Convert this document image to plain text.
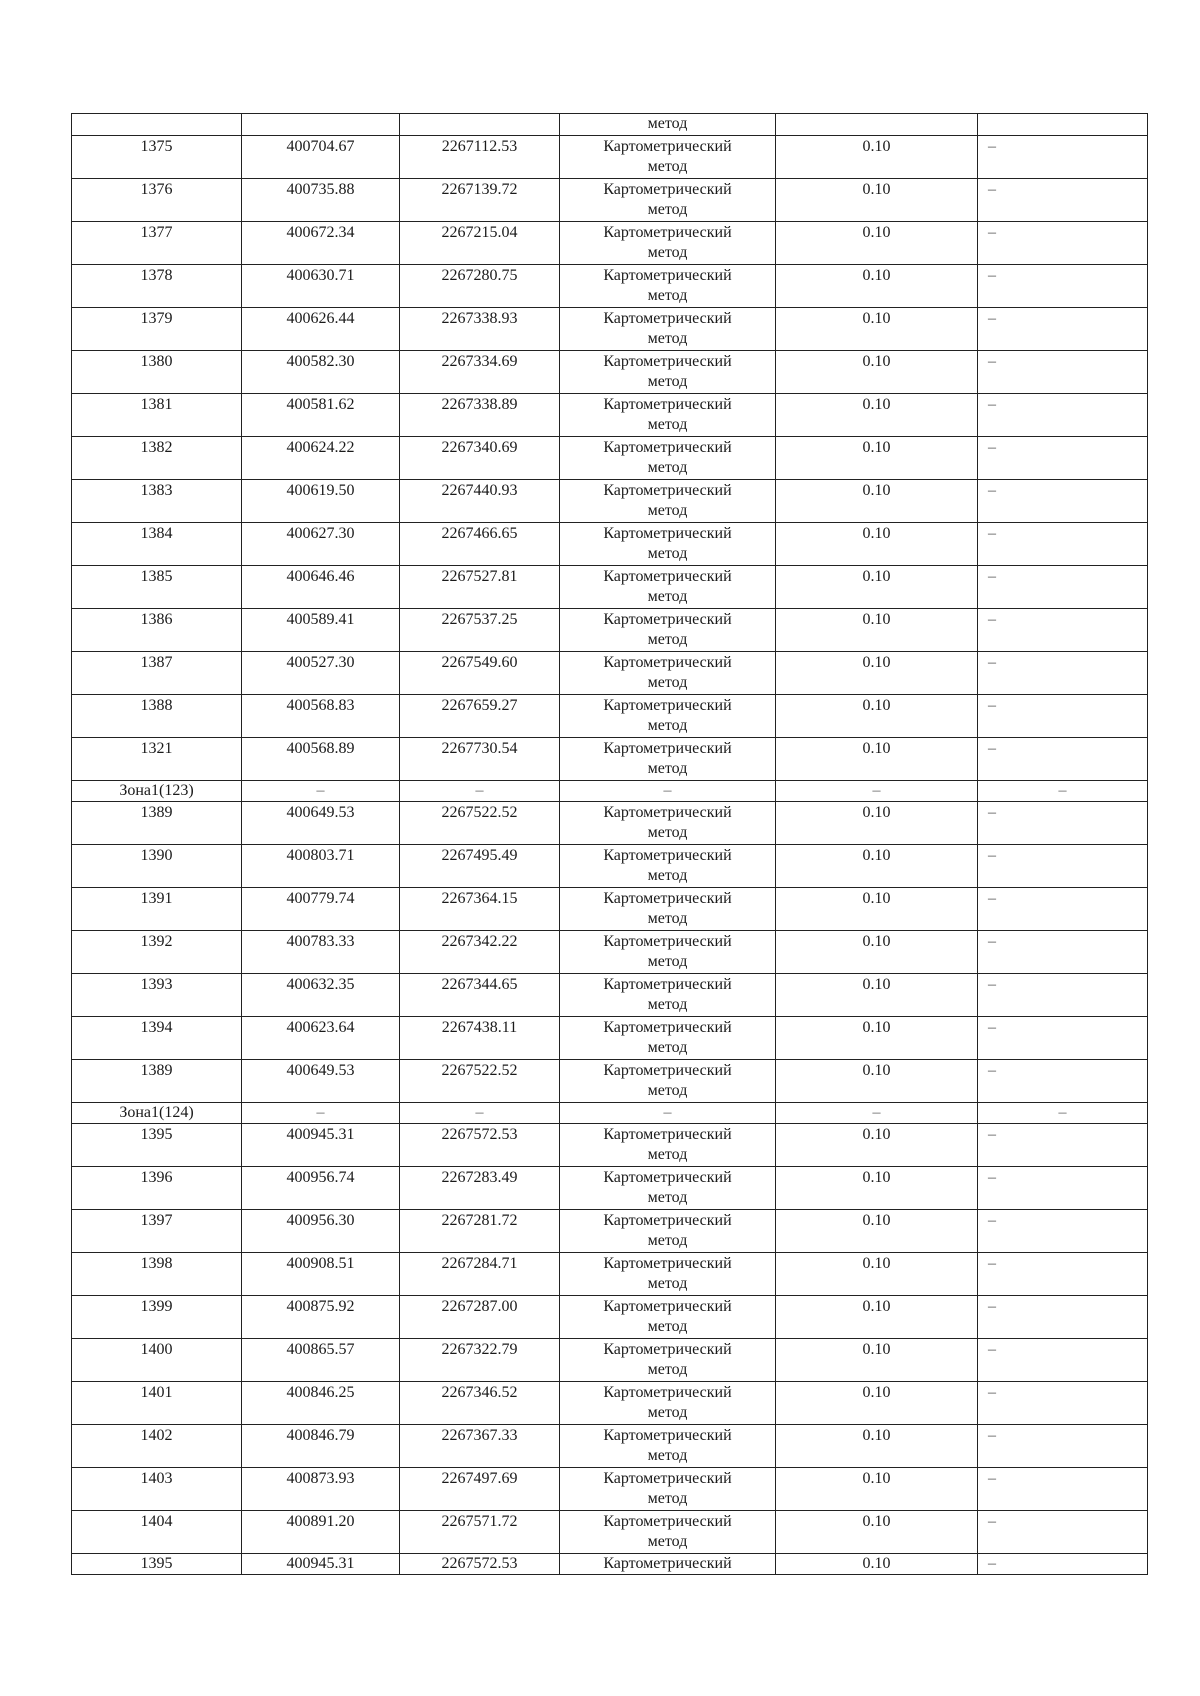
			метод		

1375	400704.67	2267112.53	Картометрический
метод	0.10	–

1376	400735.88	2267139.72	Картометрический
метод	0.10	–

1377	400672.34	2267215.04	Картометрический
метод	0.10	–

1378	400630.71	2267280.75	Картометрический
метод	0.10	–

1379	400626.44	2267338.93	Картометрический
метод	0.10	–

1380	400582.30	2267334.69	Картометрический
метод	0.10	–

1381	400581.62	2267338.89	Картометрический
метод	0.10	–

1382	400624.22	2267340.69	Картометрический
метод	0.10	–

1383	400619.50	2267440.93	Картометрический
метод	0.10	–

1384	400627.30	2267466.65	Картометрический
метод	0.10	–

1385	400646.46	2267527.81	Картометрический
метод	0.10	–

1386	400589.41	2267537.25	Картометрический
метод	0.10	–

1387	400527.30	2267549.60	Картометрический
метод	0.10	–

1388	400568.83	2267659.27	Картометрический
метод	0.10	–

1321	400568.89	2267730.54	Картометрический
метод	0.10	–

Зона1(123)	–	–	–	–	–

1389	400649.53	2267522.52	Картометрический
метод	0.10	–

1390	400803.71	2267495.49	Картометрический
метод	0.10	–

1391	400779.74	2267364.15	Картометрический
метод	0.10	–

1392	400783.33	2267342.22	Картометрический
метод	0.10	–

1393	400632.35	2267344.65	Картометрический
метод	0.10	–

1394	400623.64	2267438.11	Картометрический
метод	0.10	–

1389	400649.53	2267522.52	Картометрический
метод	0.10	–

Зона1(124)	–	–	–	–	–

1395	400945.31	2267572.53	Картометрический
метод	0.10	–

1396	400956.74	2267283.49	Картометрический
метод	0.10	–

1397	400956.30	2267281.72	Картометрический
метод	0.10	–

1398	400908.51	2267284.71	Картометрический
метод	0.10	–

1399	400875.92	2267287.00	Картометрический
метод	0.10	–

1400	400865.57	2267322.79	Картометрический
метод	0.10	–

1401	400846.25	2267346.52	Картометрический
метод	0.10	–

1402	400846.79	2267367.33	Картометрический
метод	0.10	–

1403	400873.93	2267497.69	Картометрический
метод	0.10	–

1404	400891.20	2267571.72	Картометрический
метод	0.10	–

1395	400945.31	2267572.53	Картометрический	0.10	–
